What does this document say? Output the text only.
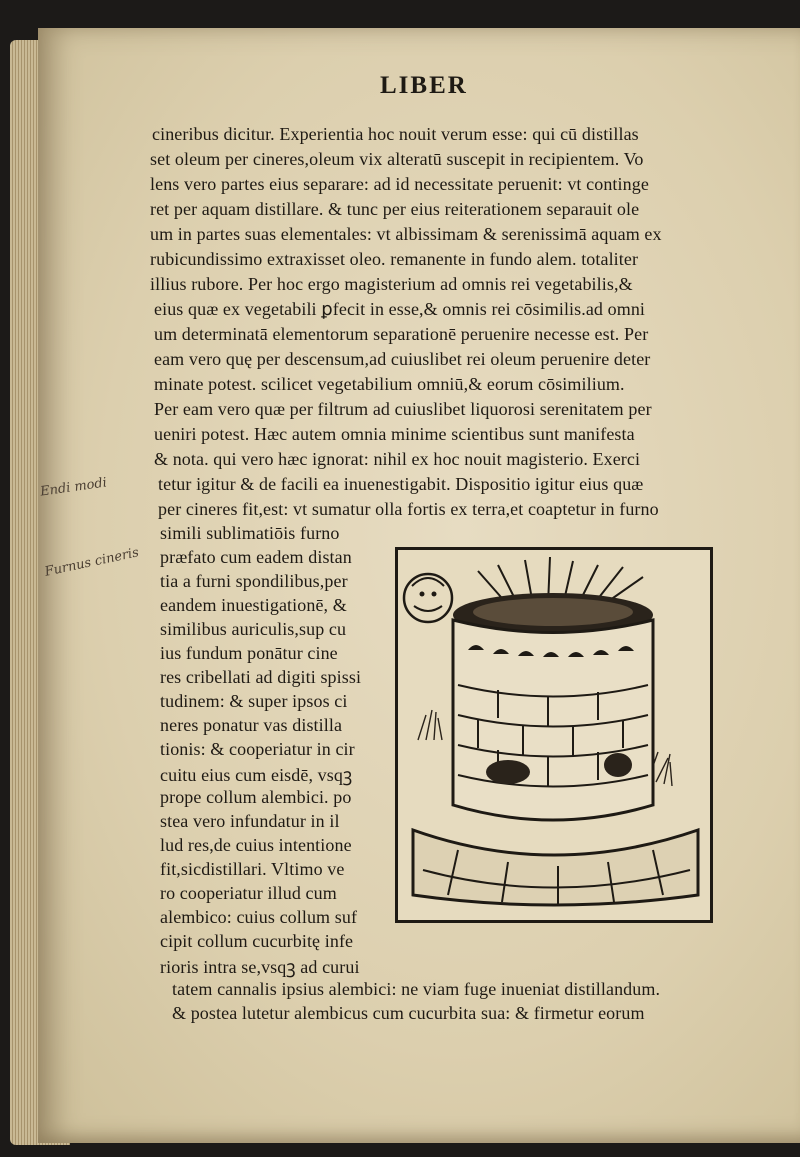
LIBER
Endi modi
Furnus cineris
cineribus dicitur. Experientia hoc nouit verum esse: qui cū distillas
set oleum per cineres,oleum vix alteratū suscepit in recipientem. Vo
lens vero partes eius separare: ad id necessitate peruenit: vt continge
ret per aquam distillare. & tunc per eius reiterationem separauit ole
um in partes suas elementales: vt albissimam & serenissimā aquam ex
rubicundissimo extraxisset oleo. remanente in fundo alem. totaliter
illius rubore. Per hoc ergo magisterium ad omnis rei vegetabilis,&
eius quæ ex vegetabili ꝑfecit in esse,& omnis rei cōsimilis.ad omni
um determinatā elementorum separationē peruenire necesse est. Per
eam vero quę per descensum,ad cuiuslibet rei oleum peruenire deter
minate potest. scilicet vegetabilium omniū,& eorum cōsimilium.
Per eam vero quæ per filtrum ad cuiuslibet liquorosi serenitatem per
ueniri potest. Hæc autem omnia minime scientibus sunt manifesta
& nota. qui vero hæc ignorat: nihil ex hoc nouit magisterio. Exerci
tetur igitur & de facili ea inuenestigabit. Dispositio igitur eius quæ
per cineres fit,est: vt sumatur olla fortis ex terra,et coaptetur in furno
simili sublimatiōis furno
præfato cum eadem distan
tia a furni spondilibus,per
eandem inuestigationē, &
similibus auriculis,sup cu
ius fundum ponātur cine
res cribellati ad digiti spissi
tudinem: & super ipsos ci
neres ponatur vas distilla
tionis: & cooperiatur in cir
cuitu eius cum eisdē, vsqꝫ
prope collum alembici. po
stea vero infundatur in il
lud res,de cuius intentione
fit,sicdistillari. Vltimo ve
ro cooperiatur illud cum
alembico: cuius collum suf
cipit collum cucurbitę infe
rioris intra se,vsqꝫ ad curui
tatem cannalis ipsius alembici: ne viam fuge inueniat distillandum.
& postea lutetur alembicus cum cucurbita sua: & firmetur eorum
